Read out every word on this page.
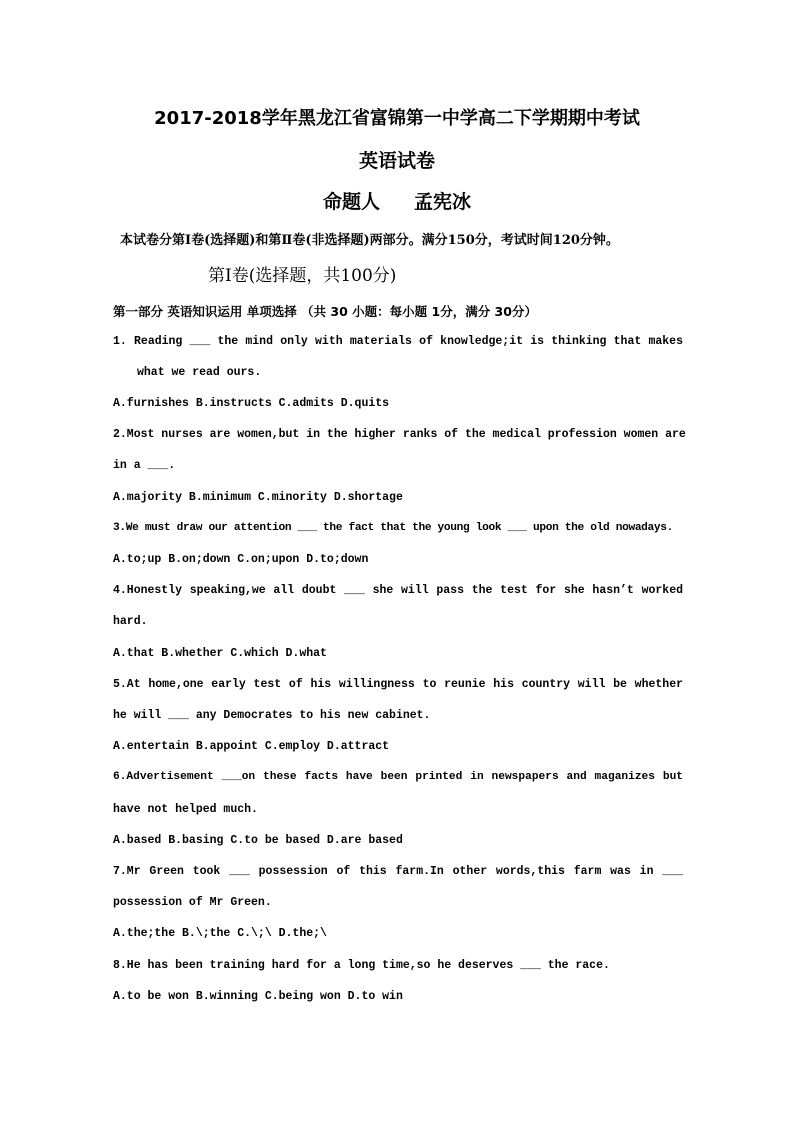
2017-2018学年黑龙江省富锦第一中学高二下学期期中考试
英语试卷
命题人 孟宪冰
本试卷分第Ⅰ卷(选择题)和第Ⅱ卷(非选择题)两部分。满分150分，考试时间120分钟。
第Ⅰ卷(选择题，共100分)
第一部分 英语知识运用 单项选择 （共 30 小题：每小题 1分，满分 30分）
1. Reading ___ the mind only with materials of knowledge;it is thinking that makes
what we read ours.
A.furnishes B.instructs C.admits D.quits
2.Most nurses are women,but in the higher ranks of the medical profession women are
in a ___.
A.majority B.minimum C.minority D.shortage
3.We must draw our attention ___ the fact that the young look ___ upon the old nowadays.
A.to;up B.on;down C.on;upon D.to;down
4.Honestly speaking,we all doubt ___ she will pass the test for she hasn’t worked
hard.
A.that B.whether C.which D.what
5.At home,one early test of his willingness to reunie his country will be whether
he will ___ any Democrates to his new cabinet.
A.entertain B.appoint C.employ D.attract
6.Advertisement ___on these facts have been printed in newspapers and maganizes but
have not helped much.
A.based B.basing C.to be based D.are based
7.Mr Green took ___ possession of this farm.In other words,this farm was in ___
possession of Mr Green.
A.the;the B.\;the C.\;\ D.the;\
8.He has been training hard for a long time,so he deserves ___ the race.
A.to be won B.winning C.being won D.to win
